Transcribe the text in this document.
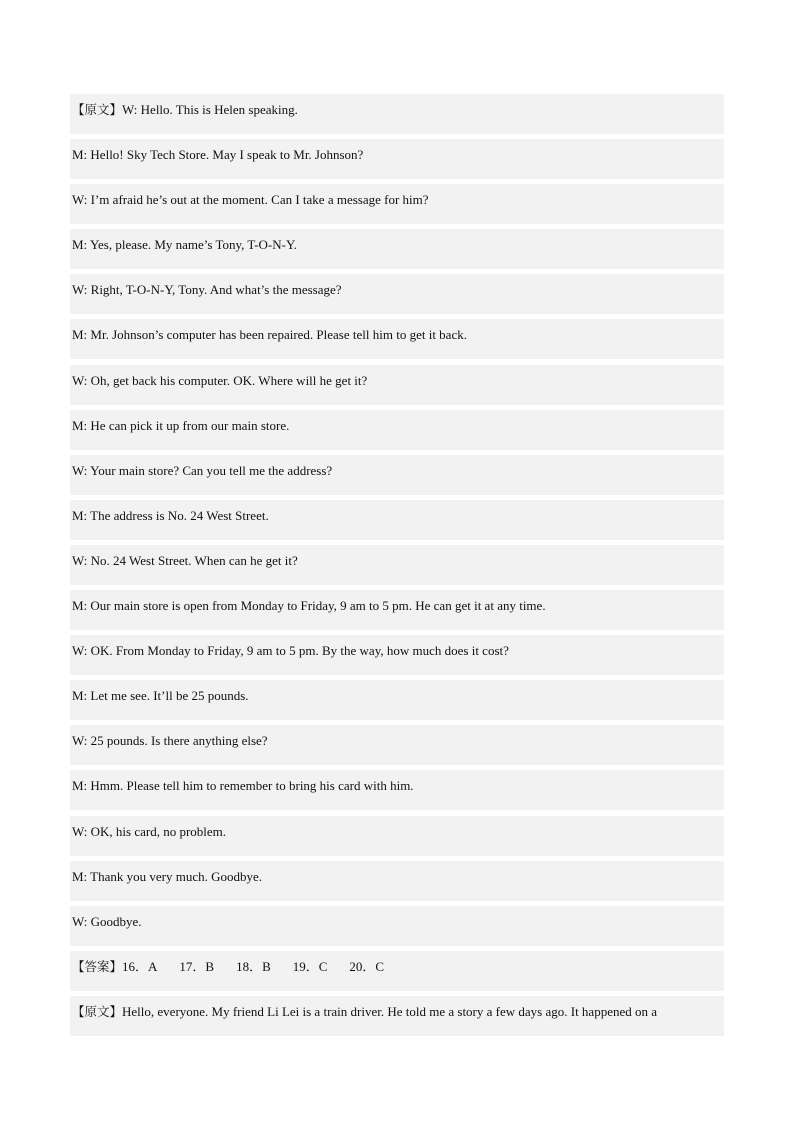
【原文】W: Hello. This is Helen speaking.
M: Hello! Sky Tech Store. May I speak to Mr. Johnson?
W: I’m afraid he’s out at the moment. Can I take a message for him?
M: Yes, please. My name’s Tony, T-O-N-Y.
W: Right, T-O-N-Y, Tony. And what’s the message?
M: Mr. Johnson’s computer has been repaired. Please tell him to get it back.
W: Oh, get back his computer. OK. Where will he get it?
M: He can pick it up from our main store.
W: Your main store? Can you tell me the address?
M: The address is No. 24 West Street.
W: No. 24 West Street. When can he get it?
M: Our main store is open from Monday to Friday, 9 am to 5 pm. He can get it at any time.
W: OK. From Monday to Friday, 9 am to 5 pm. By the way, how much does it cost?
M: Let me see. It’ll be 25 pounds.
W: 25 pounds. Is there anything else?
M: Hmm. Please tell him to remember to bring his card with him.
W: OK, his card, no problem.
M: Thank you very much. Goodbye.
W: Goodbye.
【答案】16．A 17．B 18．B 19．C 20．C
【原文】Hello, everyone. My friend Li Lei is a train driver. He told me a story a few days ago. It happened on a
